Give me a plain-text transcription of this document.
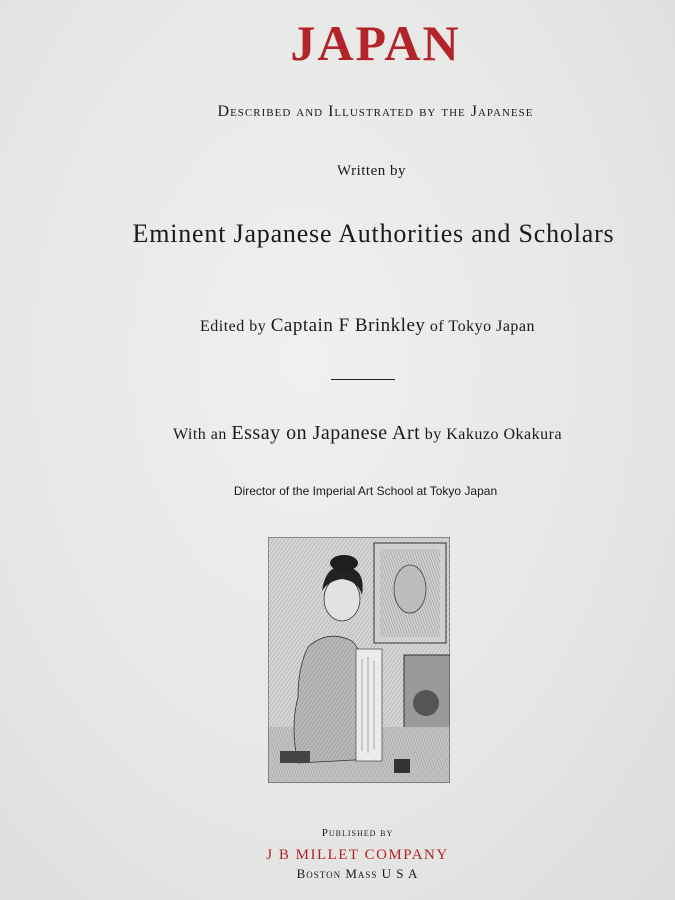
JAPAN
Described and Illustrated by the Japanese
Written by
Eminent Japanese Authorities and Scholars
Edited by Captain F Brinkley of Tokyo Japan
With an Essay on Japanese Art by Kakuzo Okakura
Director of the Imperial Art School at Tokyo Japan
Published by
J B MILLET COMPANY
Boston Mass U S A
